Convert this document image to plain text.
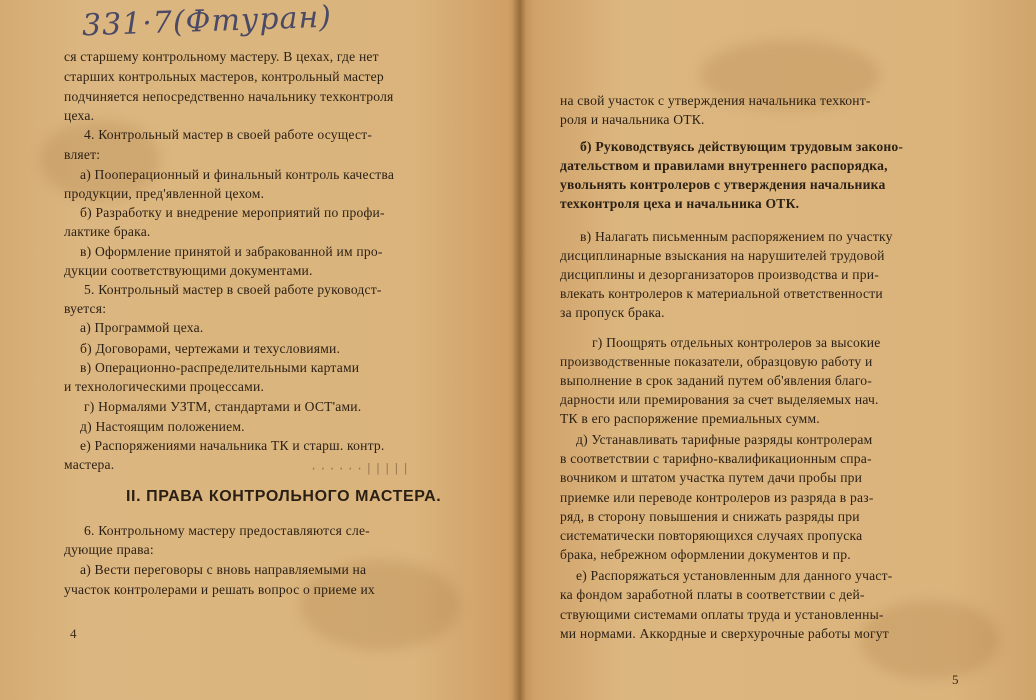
331·7(Фтуран)
ся старшему контрольному мастеру. В цехах, где нет
старших контрольных мастеров, контрольный мастер
подчиняется непосредственно начальнику техконтроля
цеха.
4. Контрольный мастер в своей работе осущест-
вляет:
а) Пооперационный и финальный контроль качества
продукции, пред'явленной цехом.
б) Разработку и внедрение мероприятий по профи-
лактике брака.
в) Оформление принятой и забракованной им про-
дукции соответствующими документами.
5. Контрольный мастер в своей работе руководст-
вуется:
а) Программой цеха.
б) Договорами, чертежами и техусловиями.
в) Операционно-распределительными картами
и технологическими процессами.
г) Нормалями УЗТМ, стандартами и ОСТ'ами.
д) Настоящим положением.
е) Распоряжениями начальника ТК и старш. контр.
мастера.	······|||||
II. ПРАВА КОНТРОЛЬНОГО МАСТЕРА.
6. Контрольному мастеру предоставляются сле-
дующие права:
а) Вести переговоры с вновь направляемыми на
участок контролерами и решать вопрос о приеме их
4
на свой участок с утверждения начальника техконт-
роля и начальника ОТК.
б) Руководствуясь действующим трудовым законо-
дательством и правилами внутреннего распорядка,
увольнять контролеров с утверждения начальника
техконтроля цеха и начальника ОТК.
в) Налагать письменным распоряжением по участку
дисциплинарные взыскания на нарушителей трудовой
дисциплины и дезорганизаторов производства и при-
влекать контролеров к материальной ответственности
за пропуск брака.
г) Поощрять отдельных контролеров за высокие
производственные показатели, образцовую работу и
выполнение в срок заданий путем об'явления благо-
дарности или премирования за счет выделяемых нач.
ТК в его распоряжение премиальных сумм.
д) Устанавливать тарифные разряды контролерам
в соответствии с тарифно-квалификационным спра-
вочником и штатом участка путем дачи пробы при
приемке или переводе контролеров из разряда в раз-
ряд, в сторону повышения и снижать разряды при
систематически повторяющихся случаях пропуска
брака, небрежном оформлении документов и пр.
е) Распоряжаться установленным для данного участ-
ка фондом заработной платы в соответствии с дей-
ствующими системами оплаты труда и установленны-
ми нормами. Аккордные и сверхурочные работы могут
5
